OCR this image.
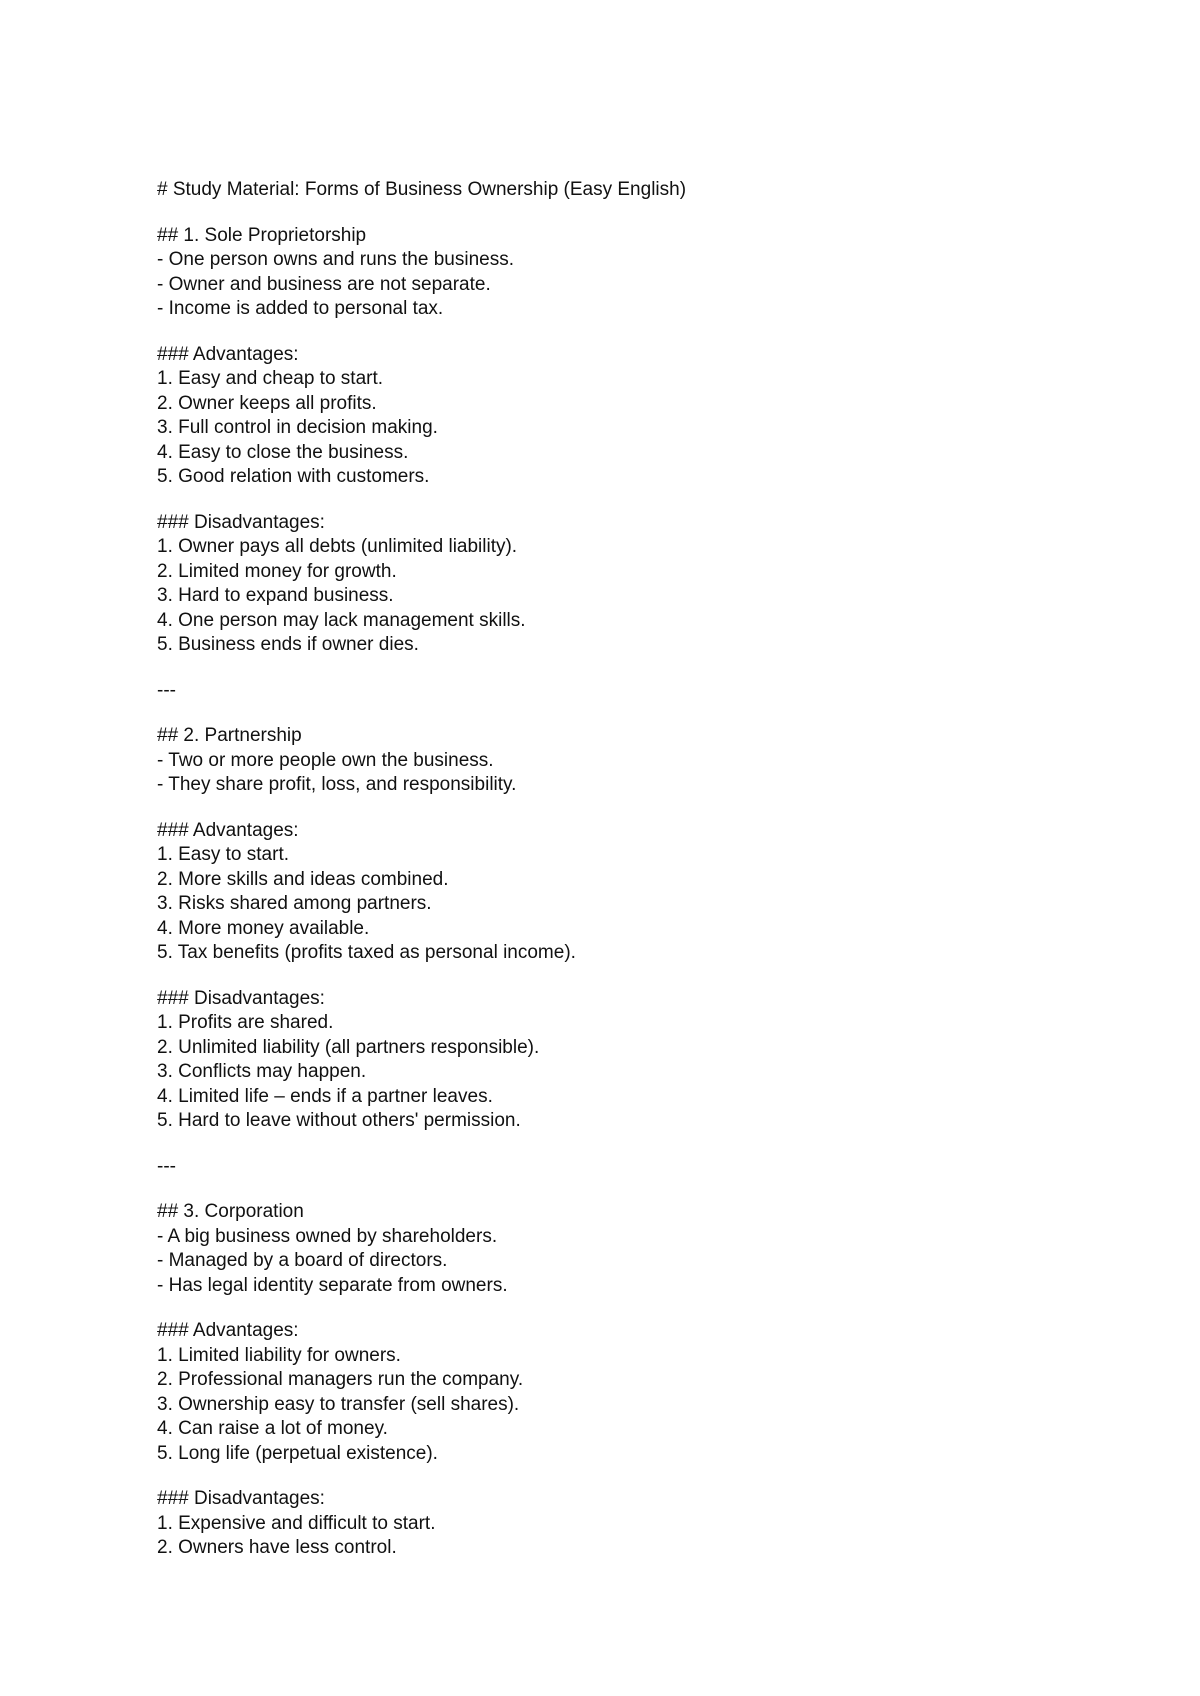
# Study Material: Forms of Business Ownership (Easy English)
## 1. Sole Proprietorship
- One person owns and runs the business.
- Owner and business are not separate.
- Income is added to personal tax.
### Advantages:
1. Easy and cheap to start.
2. Owner keeps all profits.
3. Full control in decision making.
4. Easy to close the business.
5. Good relation with customers.
### Disadvantages:
1. Owner pays all debts (unlimited liability).
2. Limited money for growth.
3. Hard to expand business.
4. One person may lack management skills.
5. Business ends if owner dies.
---
## 2. Partnership
- Two or more people own the business.
- They share profit, loss, and responsibility.
### Advantages:
1. Easy to start.
2. More skills and ideas combined.
3. Risks shared among partners.
4. More money available.
5. Tax benefits (profits taxed as personal income).
### Disadvantages:
1. Profits are shared.
2. Unlimited liability (all partners responsible).
3. Conflicts may happen.
4. Limited life – ends if a partner leaves.
5. Hard to leave without others' permission.
---
## 3. Corporation
- A big business owned by shareholders.
- Managed by a board of directors.
- Has legal identity separate from owners.
### Advantages:
1. Limited liability for owners.
2. Professional managers run the company.
3. Ownership easy to transfer (sell shares).
4. Can raise a lot of money.
5. Long life (perpetual existence).
### Disadvantages:
1. Expensive and difficult to start.
2. Owners have less control.
